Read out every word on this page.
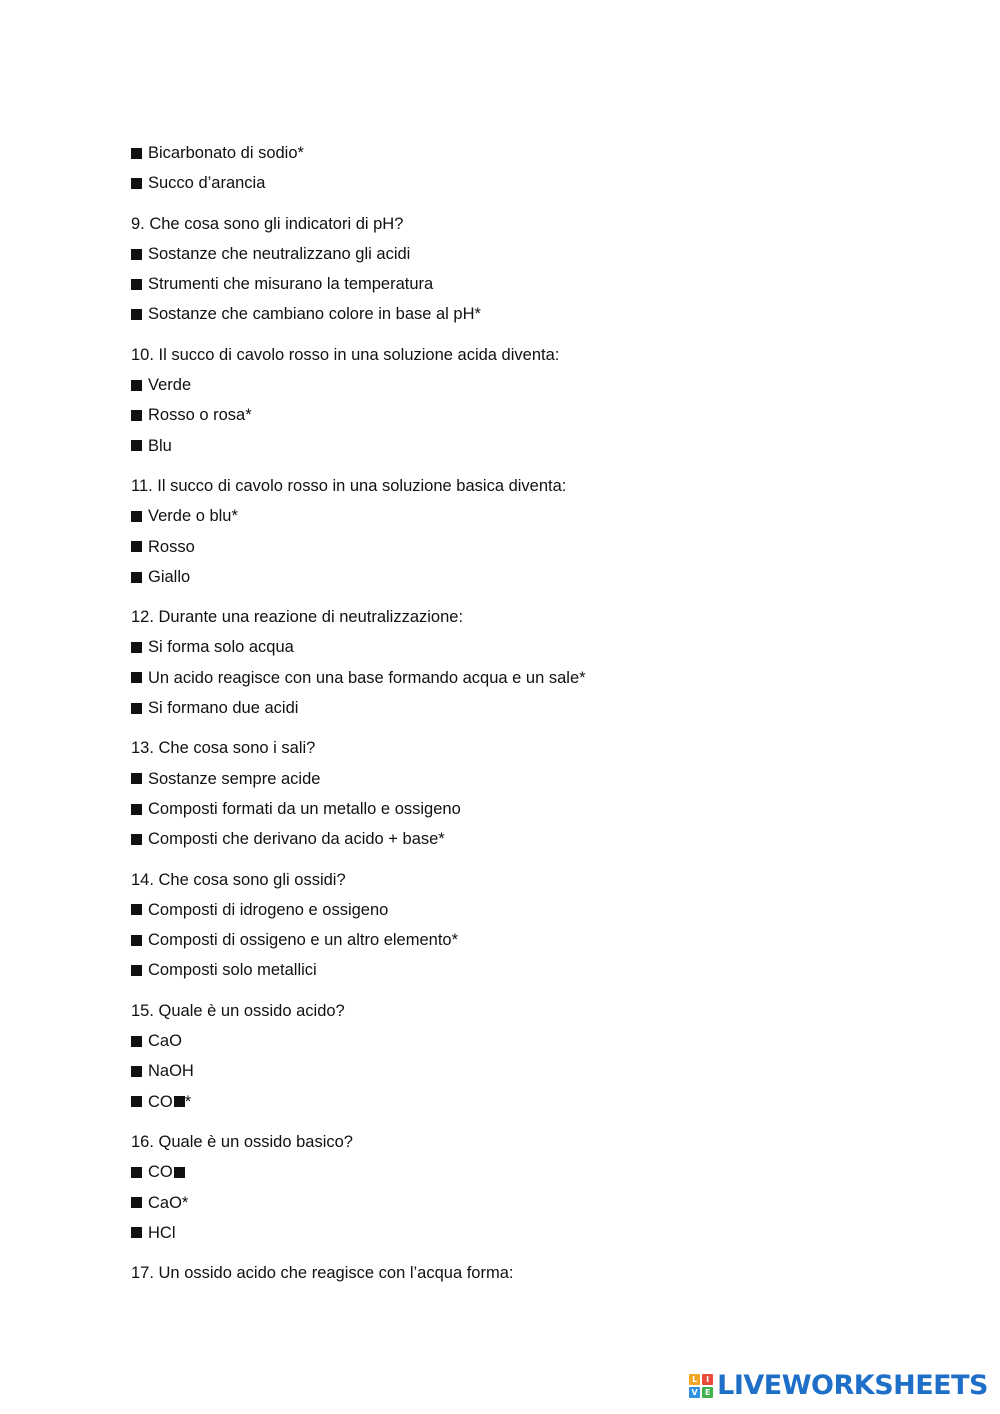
Bicarbonato di sodio*
Succo d’arancia
9. Che cosa sono gli indicatori di pH?
Sostanze che neutralizzano gli acidi
Strumenti che misurano la temperatura
Sostanze che cambiano colore in base al pH*
10. Il succo di cavolo rosso in una soluzione acida diventa:
Verde
Rosso o rosa*
Blu
11. Il succo di cavolo rosso in una soluzione basica diventa:
Verde o blu*
Rosso
Giallo
12. Durante una reazione di neutralizzazione:
Si forma solo acqua
Un acido reagisce con una base formando acqua e un sale*
Si formano due acidi
13. Che cosa sono i sali?
Sostanze sempre acide
Composti formati da un metallo e ossigeno
Composti che derivano da acido + base*
14. Che cosa sono gli ossidi?
Composti di idrogeno e ossigeno
Composti di ossigeno e un altro elemento*
Composti solo metallici
15. Quale è un ossido acido?
CaO
NaOH
CO *
16. Quale è un ossido basico?
CO
CaO*
HCl
17. Un ossido acido che reagisce con l’acqua forma:
L	I
V E LIVEWORKSHEETS
